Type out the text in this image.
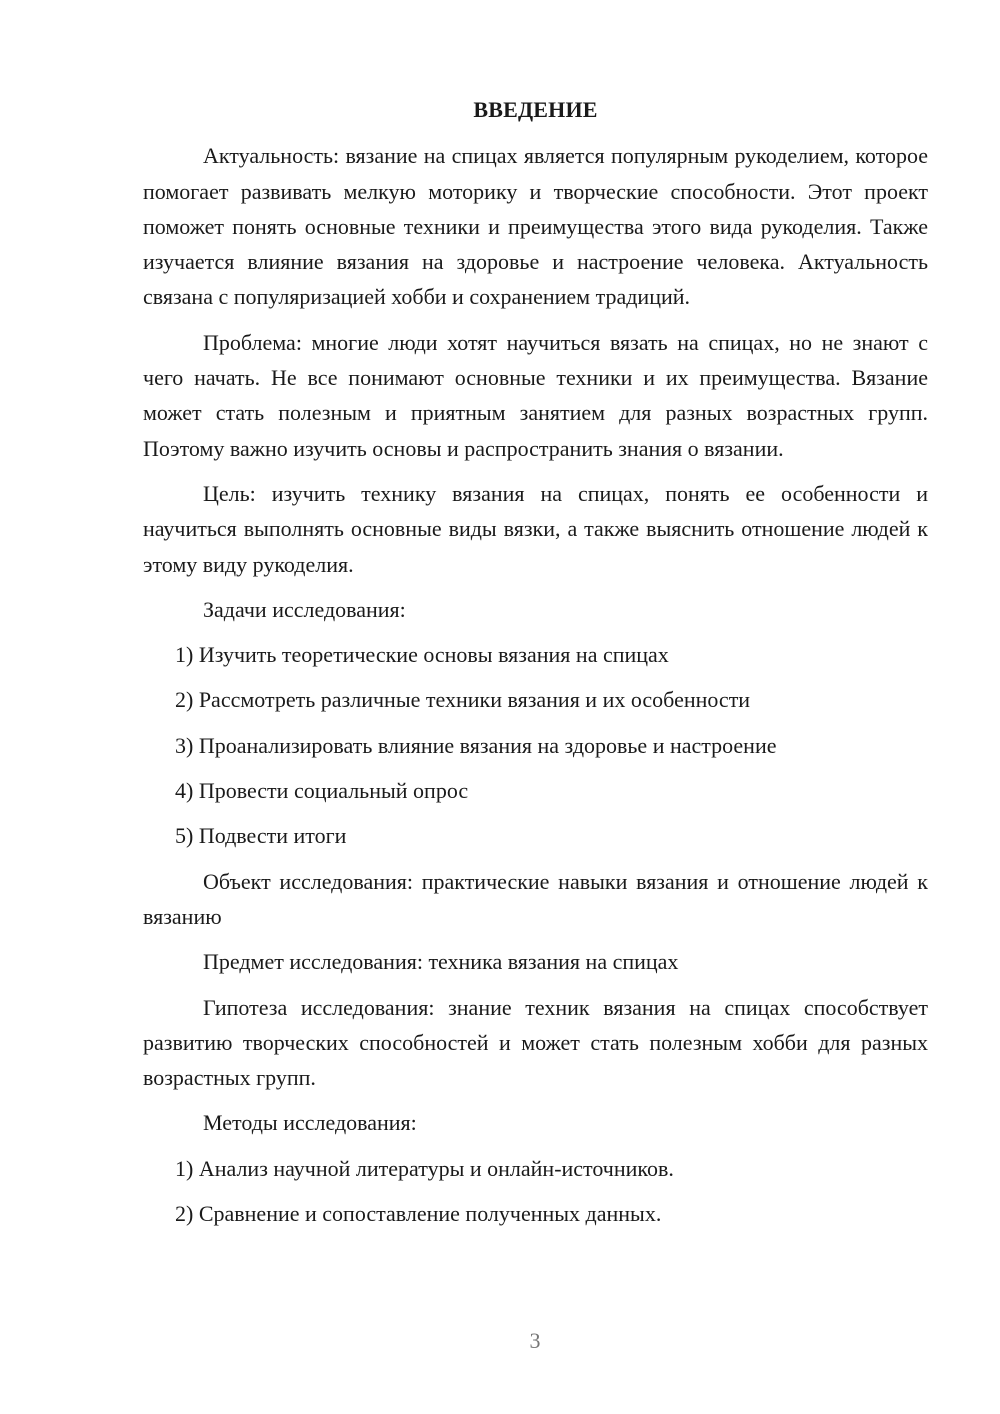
ВВЕДЕНИЕ

Актуальность: вязание на спицах является популярным рукоделием, которое помогает развивать мелкую моторику и творческие способности. Этот проект поможет понять основные техники и преимущества этого вида рукоделия. Также изучается влияние вязания на здоровье и настроение человека. Актуальность связана с популяризацией хобби и сохранением традиций.

Проблема: многие люди хотят научиться вязать на спицах, но не знают с чего начать. Не все понимают основные техники и их преимущества. Вязание может стать полезным и приятным занятием для разных возрастных групп. Поэтому важно изучить основы и распространить знания о вязании.

Цель: изучить технику вязания на спицах, понять ее особенности и научиться выполнять основные виды вязки, а также выяснить отношение людей к этому виду рукоделия.

Задачи исследования:

1) Изучить теоретические основы вязания на спицах
2) Рассмотреть различные техники вязания и их особенности
3) Проанализировать влияние вязания на здоровье и настроение
4) Провести социальный опрос
5) Подвести итоги

Объект исследования: практические навыки вязания и отношение людей к вязанию

Предмет исследования: техника вязания на спицах

Гипотеза исследования: знание техник вязания на спицах способствует развитию творческих способностей и может стать полезным хобби для разных возрастных групп.

Методы исследования:

1) Анализ научной литературы и онлайн-источников.
2) Сравнение и сопоставление полученных данных.
3
